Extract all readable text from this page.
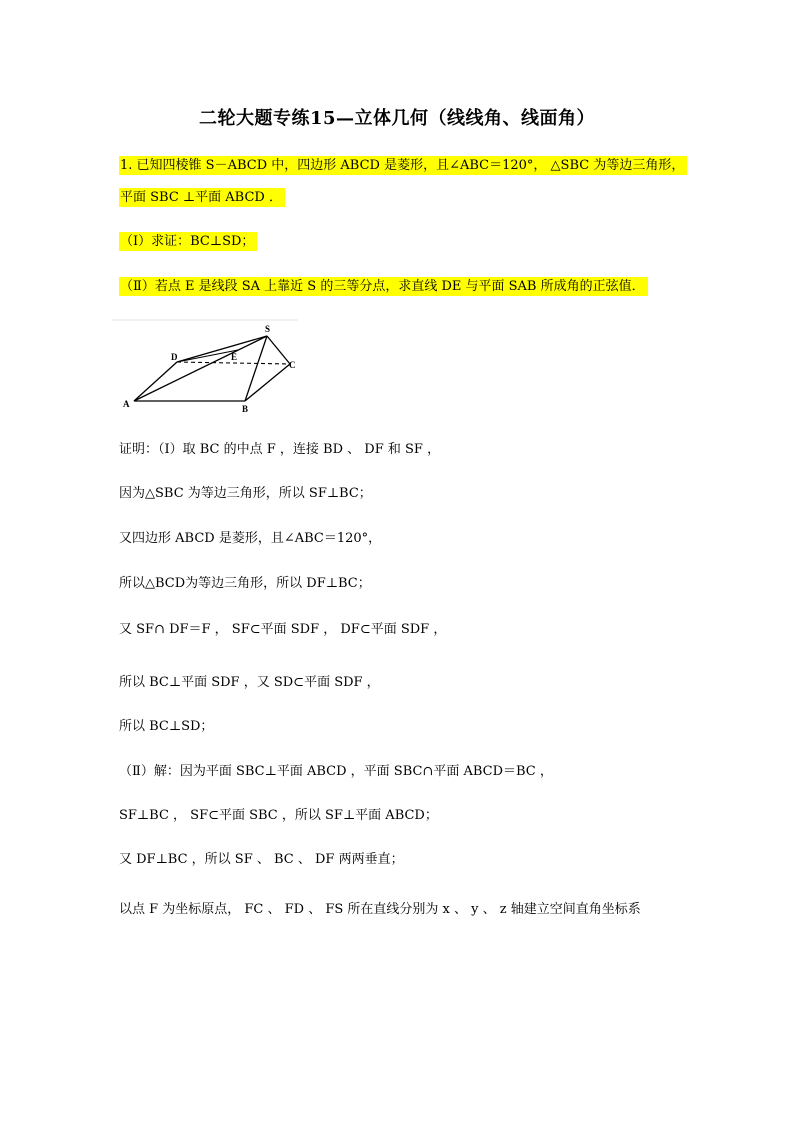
二轮大题专练15—立体几何（线线角、线面角）
1. 已知四棱锥 S－ABCD 中，四边形 ABCD 是菱形，且∠ABC＝120°， △SBC 为等边三角形，
平面 SBC ⊥平面 ABCD ．
（Ⅰ）求证：BC⊥SD；
（Ⅱ）若点 E 是线段 SA 上靠近 S 的三等分点，求直线 DE 与平面 SAB 所成角的正弦值．
S
D	E
C
A	B
证明：（Ⅰ）取 BC 的中点 F ，连接 BD 、 DF 和 SF ，
因为△SBC 为等边三角形，所以 SF⊥BC；
又四边形 ABCD 是菱形，且∠ABC＝120°，
所以△BCD为等边三角形，所以 DF⊥BC；
又 SF∩ DF＝F ， SF⊂平面 SDF ， DF⊂平面 SDF ，
所以 BC⊥平面 SDF ，又 SD⊂平面 SDF ，
所以 BC⊥SD；
（Ⅱ）解：因为平面 SBC⊥平面 ABCD ，平面 SBC∩平面 ABCD＝BC ，
SF⊥BC ， SF⊂平面 SBC ，所以 SF⊥平面 ABCD；
又 DF⊥BC ，所以 SF 、 BC 、 DF 两两垂直；
以点 F 为坐标原点， FC 、 FD 、 FS 所在直线分别为 x 、 y 、 z 轴建立空间直角坐标系
